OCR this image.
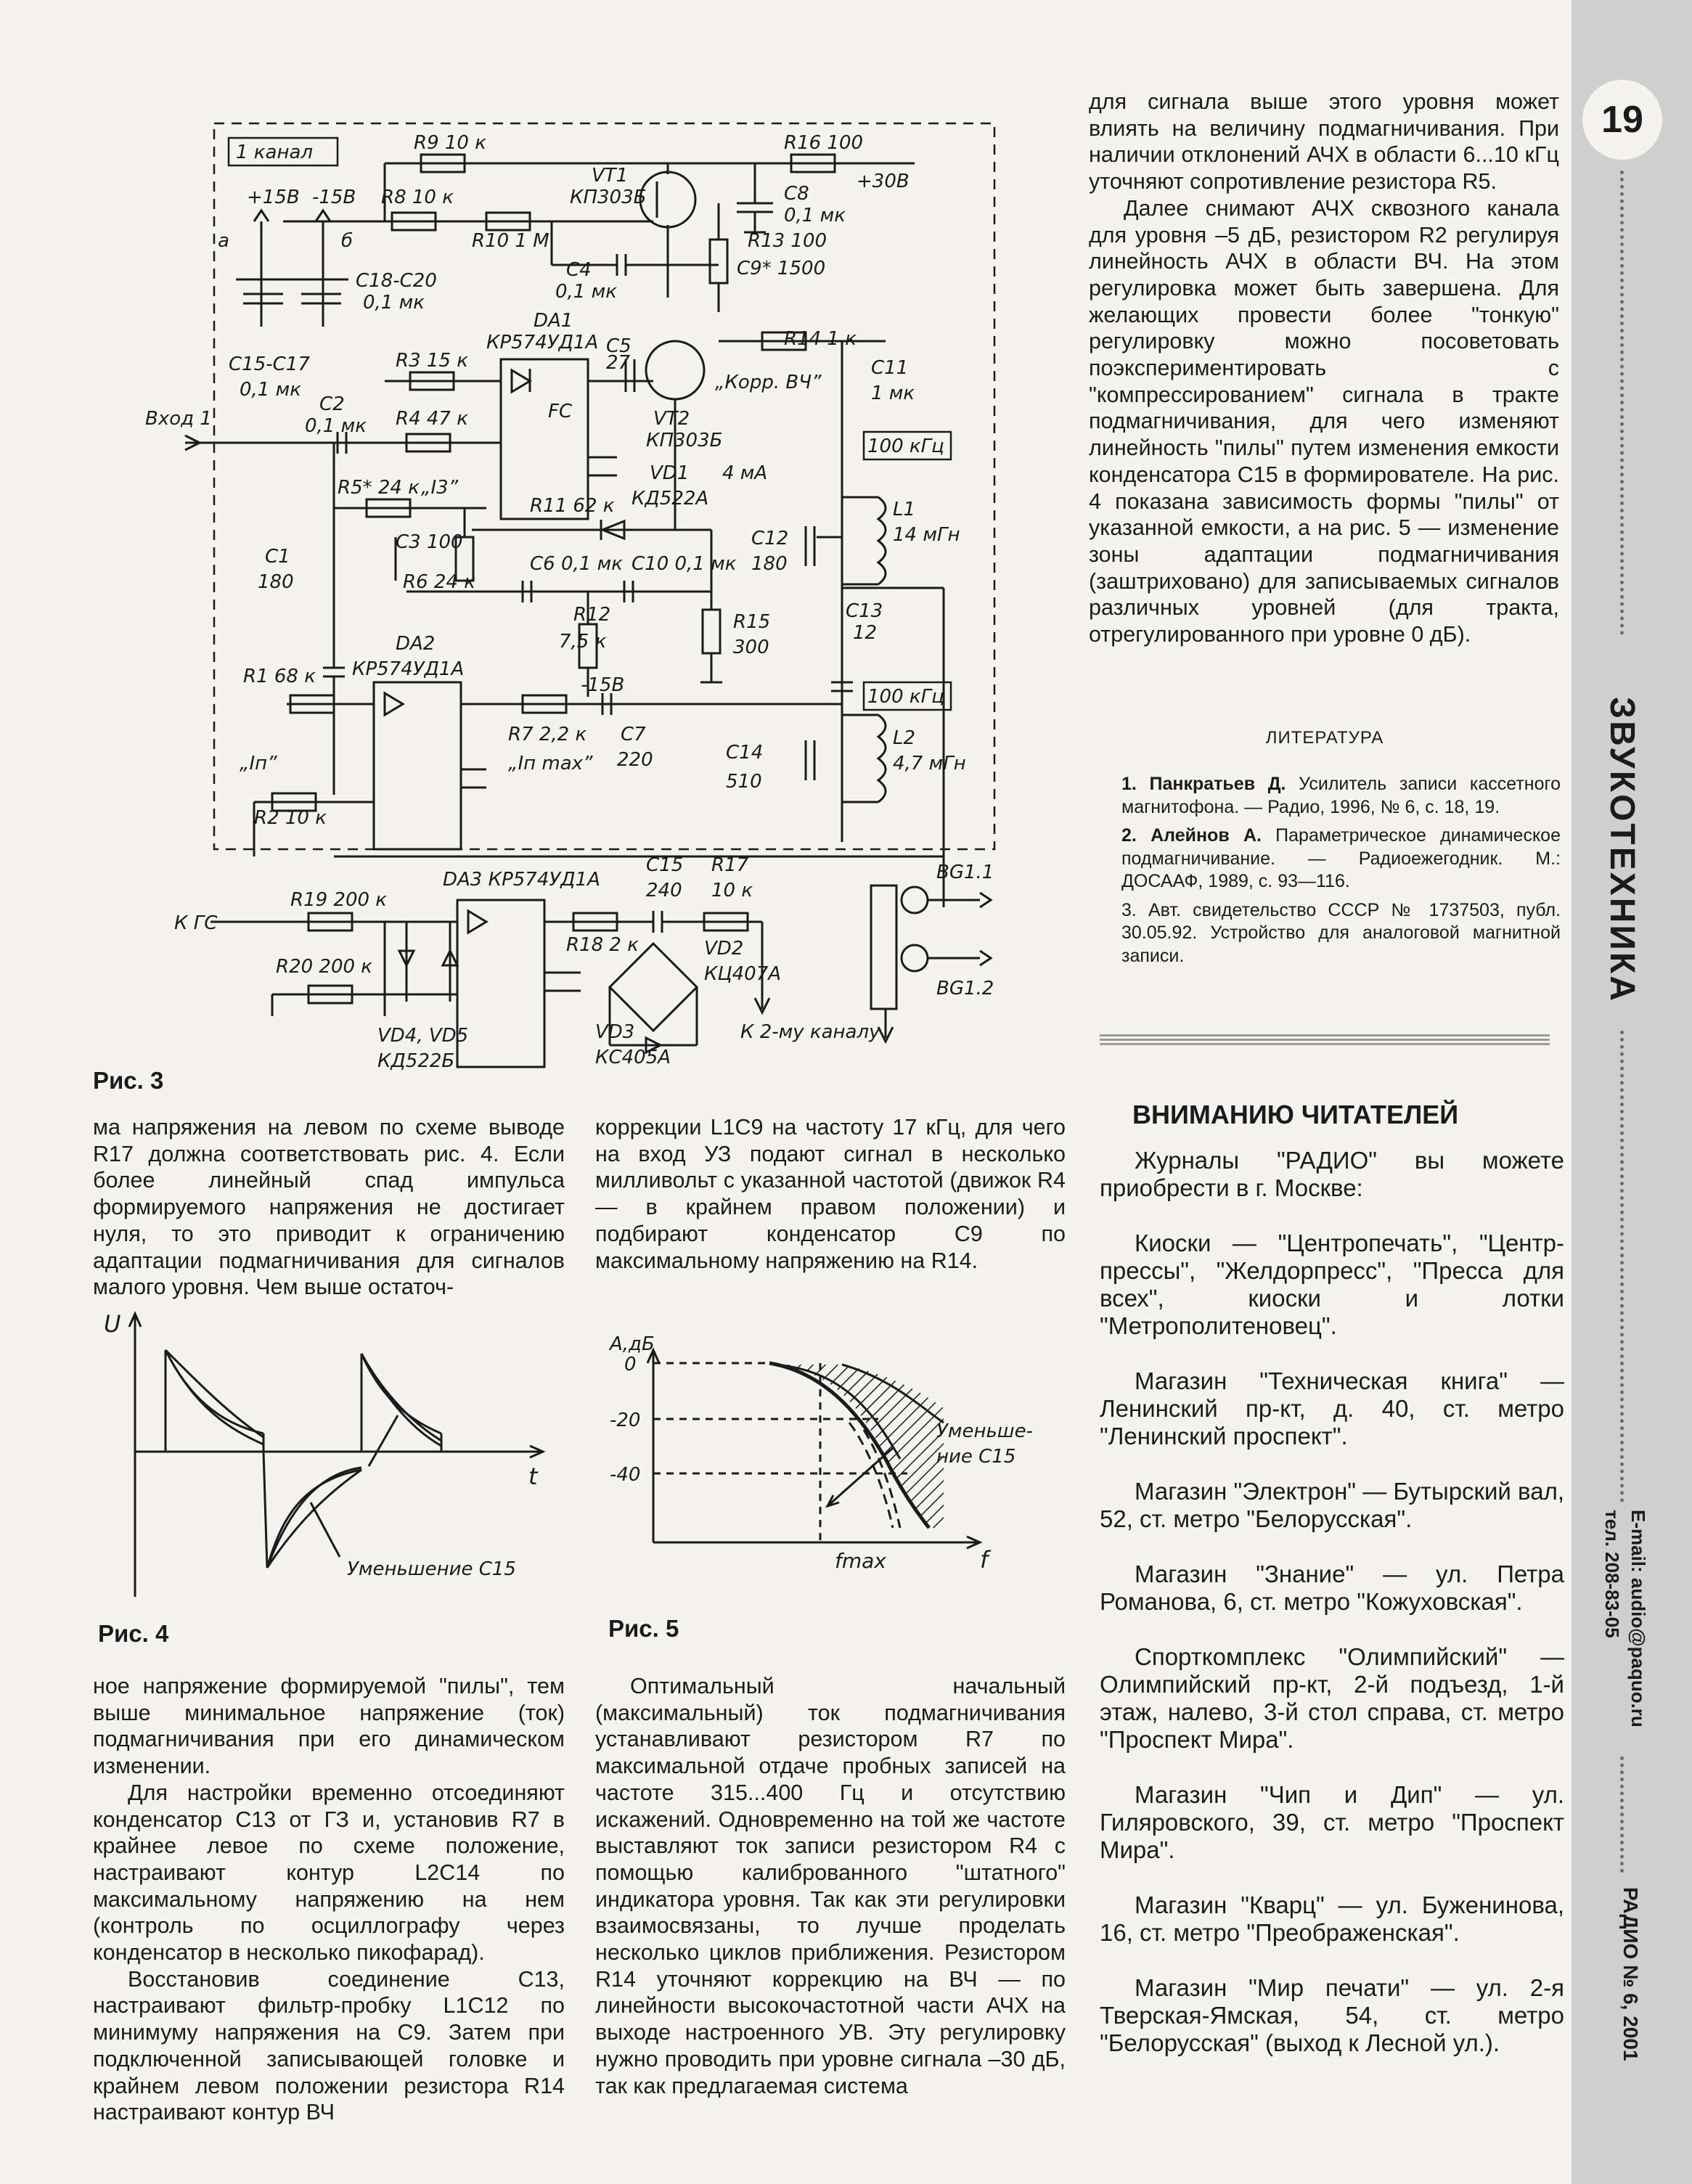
19
ЗВУКОТЕХНИКА
E-mail: audio@paquo.ru
тел. 208-83-05
РАДИО № 6, 2001
1 канал
+15В -15В
а	б
C18-C20
0,1 мк
C15-C17
0,1 мк
R9 10 к	R16 100
+30В
R8 10 к
VT1
КП303Б	C8
0,1 мк
R10 1 М	R13 100
C4
0,1 мк
C9* 1500
DA1
КР574УД1А
R3 15 к
C5
27
R14 1 к
C11
1 мк
„Корр. ВЧ”
C2
0,1 мк	VT2
КП303Б
Вход 1	R4 47 к
100 кГц
R5* 24 к „I3”
VD1
КД522А
4 мА
L1
14 мГн
R11 62 к
C3 100	C12
180
C1
180	R6 24 к
C6 0,1 мк C10 0,1 мк
C13
12
R12
7,5 к
R15
300
100 кГц
DA2
КР574УД1А
R1 68 к	-15В
R7 2,2 к C7
220
„Iп max”	C14
510
L2
4,7 мГн
„Iп”
R2 10 к
DA3 КР574УД1А
C15
240
R17
10 к
BG1.1
К ГС
R19 200 к
R18 2 к	VD2
КЦ407А
R20 200 к
VD4, VD5
КД522Б
VD3
КС405А
К 2-му каналу
BG1.2
FC
Рис. 3

для сигнала выше этого уровня может влиять на величину подмагничивания. При наличии отклонений АЧХ в области 6...10 кГц уточняют сопротивление резистора R5.

Далее снимают АЧХ сквозного канала для уровня –5 дБ, резистором R2 регулируя линейность АЧХ в области ВЧ. На этом регулировка может быть завершена. Для желающих провести более "тонкую" регулировку можно посоветовать поэкспериментировать с "компрессированием" сигнала в тракте подмагничивания, для чего изменяют линейность "пилы" путем изменения емкости конденсатора C15 в формирователе. На рис. 4 показана зависимость формы "пилы" от указанной емкости, а на рис. 5 — изменение зоны адаптации подмагничивания (заштриховано) для записываемых сигналов различных уровней (для тракта, отрегулированного при уровне 0 дБ).

ЛИТЕРАТУРА

1. Панкратьев Д. Усилитель записи кассетного магнитофона. — Радио, 1996, № 6, с. 18, 19.

2. Алейнов А. Параметрическое динамическое подмагничивание. — Радиоежегодник. М.: ДОСААФ, 1989, с. 93—116.

3. Авт. свидетельство СССР № 1737503, публ. 30.05.92. Устройство для аналоговой магнитной записи.

ма напряжения на левом по схеме выводе R17 должна соответствовать рис. 4. Если более линейный спад импульса формируемого напряжения не достигает нуля, то это приводит к ограничению адаптации подмагничивания для сигналов малого уровня. Чем выше остаточ-
коррекции L1C9 на частоту 17 кГц, для чего на вход УЗ подают сигнал в несколько милливольт с указанной частотой (движок R4 — в крайнем правом положении) и подбирают конденсатор C9 по максимальному напряжению на R14.
U
t
Уменьшение C15
Рис. 4
А,дБ
0
-20
-40
Уменьше-
ние C15
fmax	f
Рис. 5

ное напряжение формируемой "пилы", тем выше минимальное напряжение (ток) подмагничивания при его динамическом изменении.

Для настройки временно отсоединяют конденсатор C13 от ГЗ и, установив R7 в крайнее левое по схеме положение, настраивают контур L2C14 по максимальному напряжению на нем (контроль по осциллографу через конденсатор в несколько пикофарад).

Восстановив соединение C13, настраивают фильтр-пробку L1C12 по минимуму напряжения на C9. Затем при подключенной записывающей головке и крайнем левом положении резистора R14 настраивают контур ВЧ

Оптимальный начальный (максимальный) ток подмагничивания устанавливают резистором R7 по максимальной отдаче пробных записей на частоте 315...400 Гц и отсутствию искажений. Одновременно на той же частоте выставляют ток записи резистором R4 с помощью калиброванного "штатного" индикатора уровня. Так как эти регулировки взаимосвязаны, то лучше проделать несколько циклов приближения. Резистором R14 уточняют коррекцию на ВЧ — по линейности высокочастотной части АЧХ на выходе настроенного УВ. Эту регулировку нужно проводить при уровне сигнала –30 дБ, так как предлагаемая система

ВНИМАНИЮ ЧИТАТЕЛЕЙ

Журналы "РАДИО" вы можете приобрести в г. Москве:

Киоски — "Центропечать", "Центр-прессы", "Желдорпресс", "Пресса для всех", киоски и лотки "Метрополитеновец".

Магазин "Техническая книга" — Ленинский пр-кт, д. 40, ст. метро "Ленинский проспект".

Магазин "Электрон" — Бутырский вал, 52, ст. метро "Белорусская".

Магазин "Знание" — ул. Петра Романова, 6, ст. метро "Кожуховская".

Спорткомплекс "Олимпийский" — Олимпийский пр-кт, 2-й подъезд, 1-й этаж, налево, 3-й стол справа, ст. метро "Проспект Мира".

Магазин "Чип и Дип" — ул. Гиляровского, 39, ст. метро "Проспект Мира".

Магазин "Кварц" — ул. Буженинова, 16, ст. метро "Преображенская".

Магазин "Мир печати" — ул. 2-я Тверская-Ямская, 54, ст. метро "Белорусская" (выход к Лесной ул.).
